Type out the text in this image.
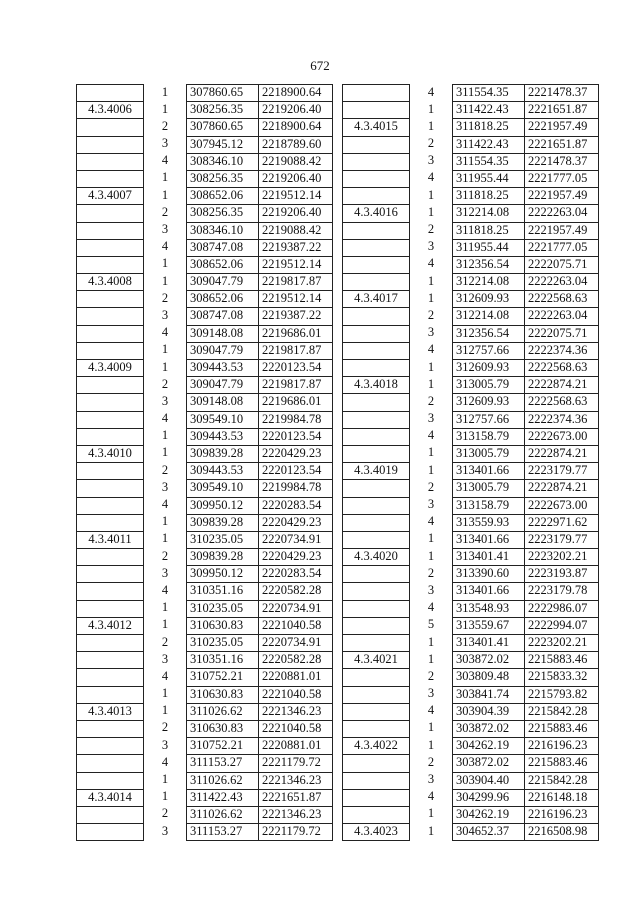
672
	1	307860.65	2218900.64
4.3.4006	1	308256.35	2219206.40
	2	307860.65	2218900.64
	3	307945.12	2218789.60
	4	308346.10	2219088.42
	1	308256.35	2219206.40
4.3.4007	1	308652.06	2219512.14
	2	308256.35	2219206.40
	3	308346.10	2219088.42
	4	308747.08	2219387.22
	1	308652.06	2219512.14
4.3.4008	1	309047.79	2219817.87
	2	308652.06	2219512.14
	3	308747.08	2219387.22
	4	309148.08	2219686.01
	1	309047.79	2219817.87
4.3.4009	1	309443.53	2220123.54
	2	309047.79	2219817.87
	3	309148.08	2219686.01
	4	309549.10	2219984.78
	1	309443.53	2220123.54
4.3.4010	1	309839.28	2220429.23
	2	309443.53	2220123.54
	3	309549.10	2219984.78
	4	309950.12	2220283.54
	1	309839.28	2220429.23
4.3.4011	1	310235.05	2220734.91
	2	309839.28	2220429.23
	3	309950.12	2220283.54
	4	310351.16	2220582.28
	1	310235.05	2220734.91
4.3.4012	1	310630.83	2221040.58
	2	310235.05	2220734.91
	3	310351.16	2220582.28
	4	310752.21	2220881.01
	1	310630.83	2221040.58
4.3.4013	1	311026.62	2221346.23
	2	310630.83	2221040.58
	3	310752.21	2220881.01
	4	311153.27	2221179.72
	1	311026.62	2221346.23
4.3.4014	1	311422.43	2221651.87
	2	311026.62	2221346.23
	3	311153.27	2221179.72
	4	311554.35	2221478.37
	1	311422.43	2221651.87
4.3.4015	1	311818.25	2221957.49
	2	311422.43	2221651.87
	3	311554.35	2221478.37
	4	311955.44	2221777.05
	1	311818.25	2221957.49
4.3.4016	1	312214.08	2222263.04
	2	311818.25	2221957.49
	3	311955.44	2221777.05
	4	312356.54	2222075.71
	1	312214.08	2222263.04
4.3.4017	1	312609.93	2222568.63
	2	312214.08	2222263.04
	3	312356.54	2222075.71
	4	312757.66	2222374.36
	1	312609.93	2222568.63
4.3.4018	1	313005.79	2222874.21
	2	312609.93	2222568.63
	3	312757.66	2222374.36
	4	313158.79	2222673.00
	1	313005.79	2222874.21
4.3.4019	1	313401.66	2223179.77
	2	313005.79	2222874.21
	3	313158.79	2222673.00
	4	313559.93	2222971.62
	1	313401.66	2223179.77
4.3.4020	1	313401.41	2223202.21
	2	313390.60	2223193.87
	3	313401.66	2223179.78
	4	313548.93	2222986.07
	5	313559.67	2222994.07
	1	313401.41	2223202.21
4.3.4021	1	303872.02	2215883.46
	2	303809.48	2215833.32
	3	303841.74	2215793.82
	4	303904.39	2215842.28
	1	303872.02	2215883.46
4.3.4022	1	304262.19	2216196.23
	2	303872.02	2215883.46
	3	303904.40	2215842.28
	4	304299.96	2216148.18
	1	304262.19	2216196.23
4.3.4023	1	304652.37	2216508.98
